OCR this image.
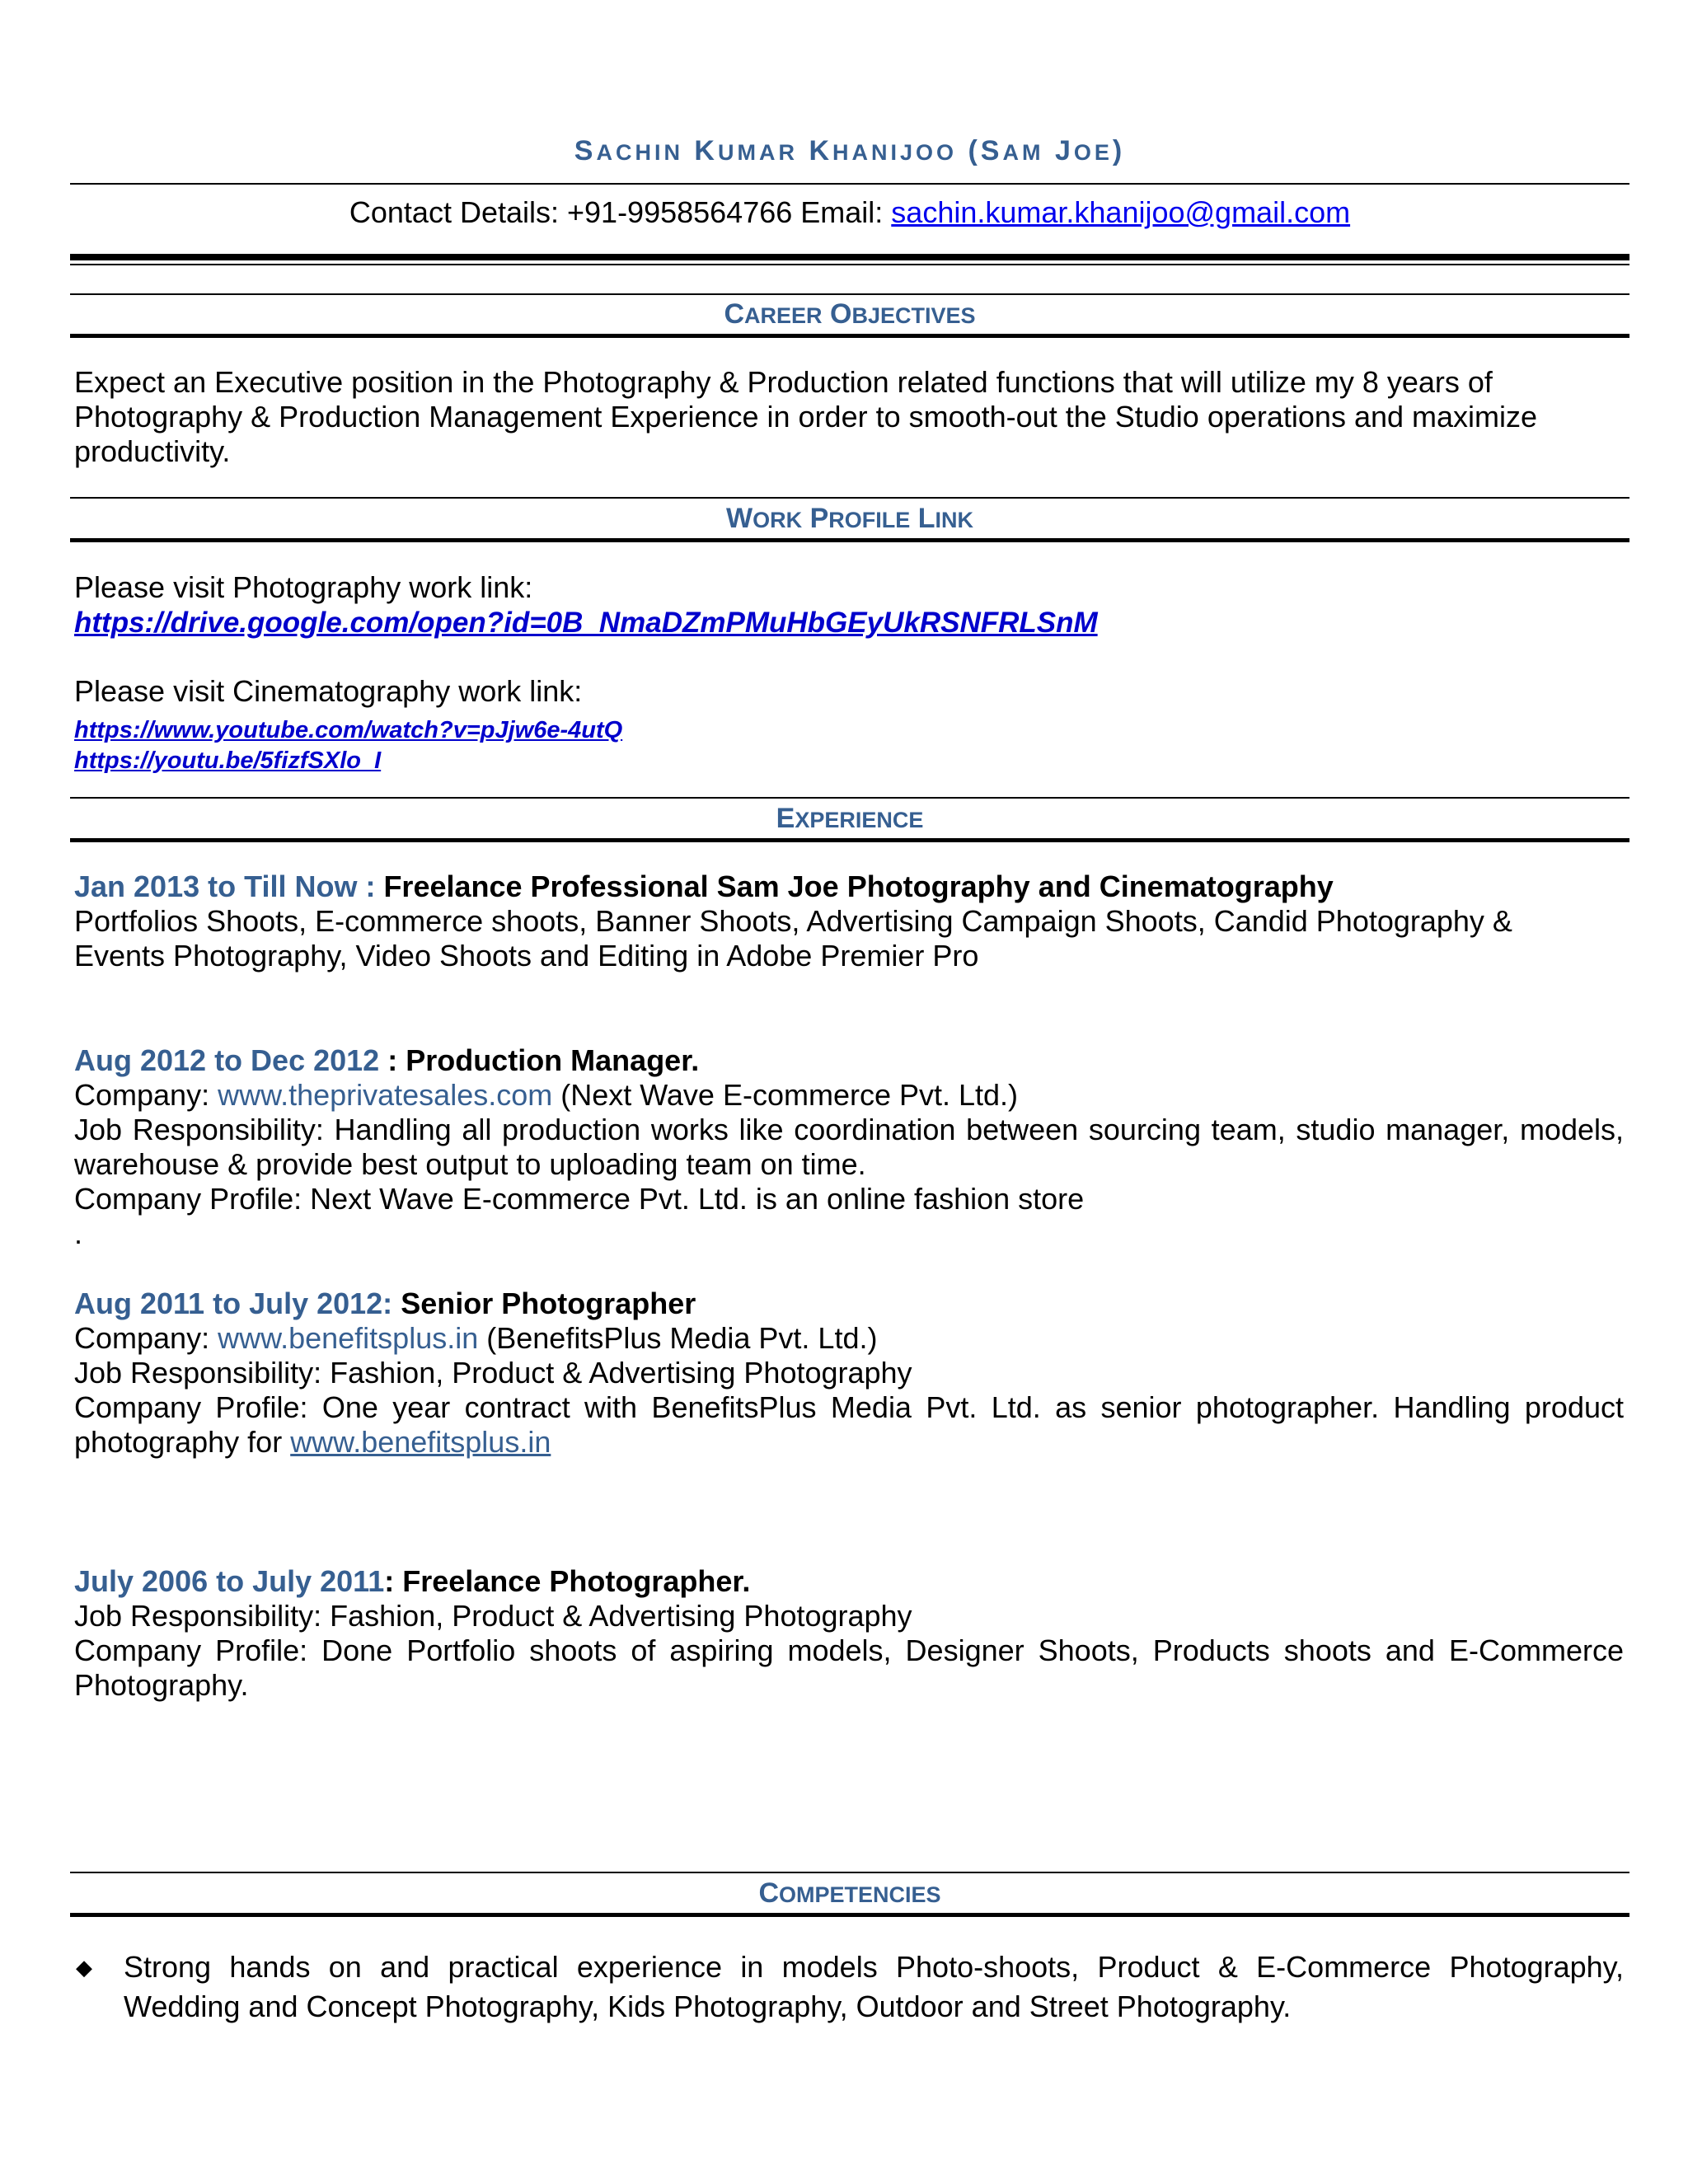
SACHIN KUMAR KHANIJOO (SAM JOE)
Contact Details: +91-9958564766 Email: sachin.kumar.khanijoo@gmail.com
CAREER OBJECTIVES
Expect an Executive position in the Photography & Production related functions that will utilize my 8 years of
Photography & Production Management Experience in order to smooth-out the Studio operations and maximize
productivity.
WORK PROFILE LINK
Please visit Photography work link:
https://drive.google.com/open?id=0B_NmaDZmPMuHbGEyUkRSNFRLSnM
Please visit Cinematography work link:
https://www.youtube.com/watch?v=pJjw6e-4utQ
https://youtu.be/5fizfSXlo_I
EXPERIENCE
Jan 2013 to Till Now : Freelance Professional Sam Joe Photography and Cinematography
Portfolios Shoots, E-commerce shoots, Banner Shoots, Advertising Campaign Shoots, Candid Photography &
Events Photography, Video Shoots and Editing in Adobe Premier Pro
Aug 2012 to Dec 2012 : Production Manager.
Company: www.theprivatesales.com (Next Wave E-commerce Pvt. Ltd.)
Job Responsibility: Handling all production works like coordination between sourcing team, studio manager, models, warehouse & provide best output to uploading team on time.
Company Profile: Next Wave E-commerce Pvt. Ltd. is an online fashion store
.
Aug 2011 to July 2012: Senior Photographer
Company: www.benefitsplus.in (BenefitsPlus Media Pvt. Ltd.)
Job Responsibility: Fashion, Product & Advertising Photography
Company Profile: One year contract with BenefitsPlus Media Pvt. Ltd. as senior photographer. Handling product photography for www.benefitsplus.in
July 2006 to July 2011: Freelance Photographer.
Job Responsibility: Fashion, Product & Advertising Photography
Company Profile: Done Portfolio shoots of aspiring models, Designer Shoots, Products shoots and E-Commerce Photography.
COMPETENCIES
◆ Strong hands on and practical experience in models Photo-shoots, Product & E-Commerce Photography, Wedding and Concept Photography, Kids Photography, Outdoor and Street Photography.
